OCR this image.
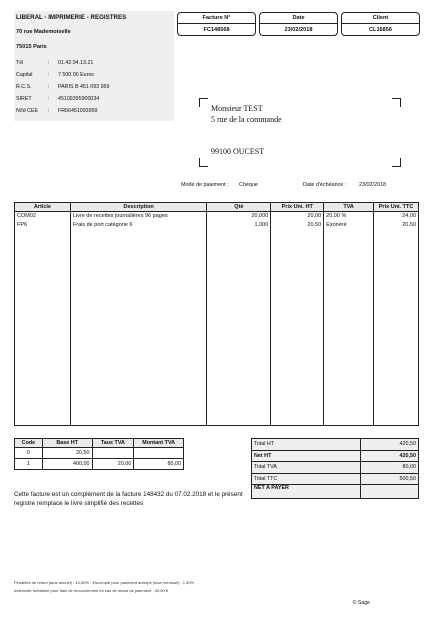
LIBERAL - IMPRIMERIE - REGISTRES
70 rue Mademoiselle
75015 Paris
Tél	:	01.42.94.13.21
Capital	:	7 500.00 Euros
R.C.S.	:	PARIS B 451 093 959
SIRET	:	45109395900034
N/Id CEE	:	FR66451093959
Facture N°
FC148568
Date
23/02/2018
Client
CL16856
Monsieur TEST
5 rue de la commande
99100 OUCEST
Mode de paiement : Chèque	Date d'échéance : 23/02/2018
Article	Description	Qté	Prix Uni. HT	TVA	Prix Uni. TTC
COM02	Livre de recettes journalières 96 pages	20,000	20,00	20,00 %	24,00
FP6	Frais de port catégorie 6	1,000	20,50	Exonéré	20,50

Code	Base HT	Taux TVA	Montant TVA
0	20,50		
1	400,00	20,00	80,00
Total HT	420,50
Net HT	420,50
Total TVA	80,00
Total TTC	500,50
NET A PAYER	
Cette facture est un complément de la facture 148432 du 07.02.2018 et le présent registre remplace le livre simplifié des recettes
Pénalités de retard (taux annuel) : 10,50% - Escompte pour paiement anticipé (taux mensuel) : 1,50%
Indemnité forfaitaire pour frais de recouvrement en cas de retard de paiement : 40,00 €
© Sage
